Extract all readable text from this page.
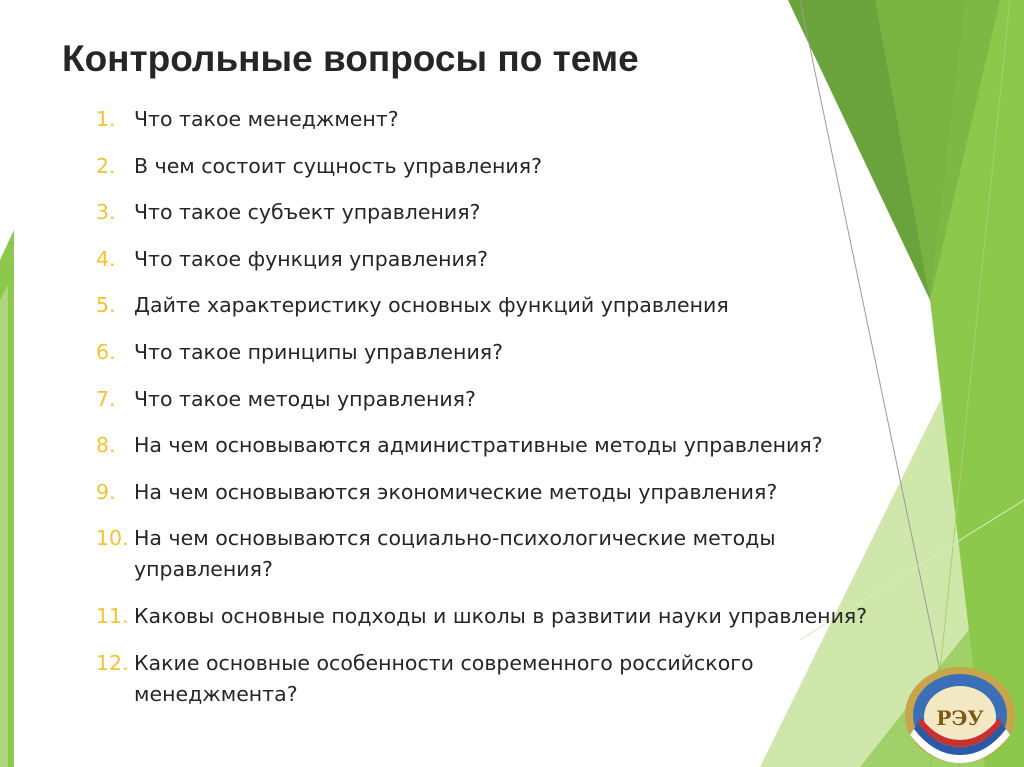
Контрольные вопросы по теме
1. Что такое менеджмент?
2. В чем состоит сущность управления?
3. Что такое субъект управления?
4. Что такое функция управления?
5. Дайте характеристику основных функций управления
6. Что такое принципы управления?
7. Что такое методы управления?
8. На чем основываются административные методы управления?
9. На чем основываются экономические методы управления?
10. На чем основываются социально-психологические методы управления?
11. Каковы основные подходы и школы в развитии науки управления?
12. Какие основные особенности современного российского менеджмента?
РЭУ
